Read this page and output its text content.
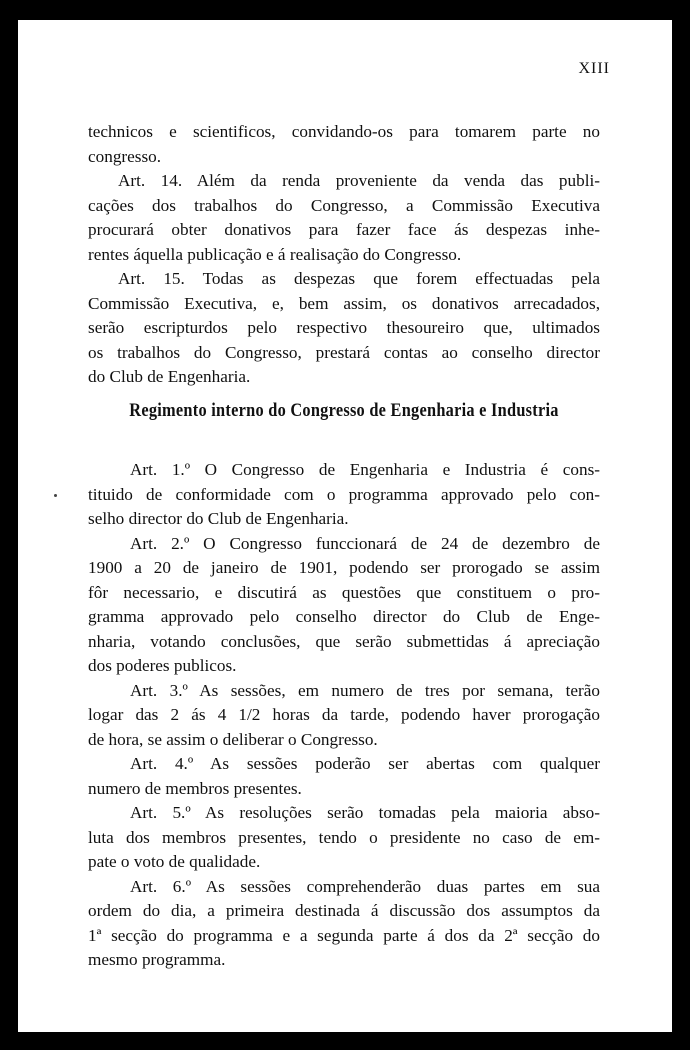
XIII
technicos e scientificos, convidando-os para tomarem parte no
congresso.
Art. 14. Além da renda proveniente da venda das publi-
cações dos trabalhos do Congresso, a Commissão Executiva
procurará obter donativos para fazer face ás despezas inhe-
rentes áquella publicação e á realisação do Congresso.
Art. 15. Todas as despezas que forem effectuadas pela
Commissão Executiva, e, bem assim, os donativos arrecadados,
serão escripturdos pelo respectivo thesoureiro que, ultimados
os trabalhos do Congresso, prestará contas ao conselho director
do Club de Engenharia.
Regimento interno do Congresso de Engenharia e Industria
Art. 1.º O Congresso de Engenharia e Industria é cons-
tituido de conformidade com o programma approvado pelo con-
selho director do Club de Engenharia.
Art. 2.º O Congresso funccionará de 24 de dezembro de
1900 a 20 de janeiro de 1901, podendo ser prorogado se assim
fôr necessario, e discutirá as questões que constituem o pro-
gramma approvado pelo conselho director do Club de Enge-
nharia, votando conclusões, que serão submettidas á apreciação
dos poderes publicos.
Art. 3.º As sessões, em numero de tres por semana, terão
logar das 2 ás 4 1/2 horas da tarde, podendo haver prorogação
de hora, se assim o deliberar o Congresso.
Art. 4.º As sessões poderão ser abertas com qualquer
numero de membros presentes.
Art. 5.º As resoluções serão tomadas pela maioria abso-
luta dos membros presentes, tendo o presidente no caso de em-
pate o voto de qualidade.
Art. 6.º As sessões comprehenderão duas partes em sua
ordem do dia, a primeira destinada á discussão dos assumptos da
1ª secção do programma e a segunda parte á dos da 2ª secção do
mesmo programma.
